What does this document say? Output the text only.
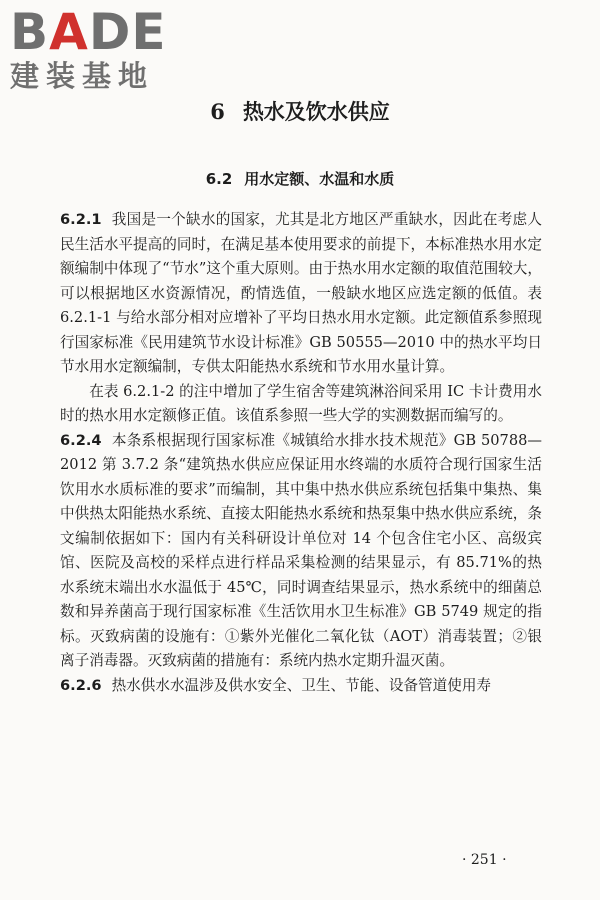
BADE
建装基地
6 热水及饮水供应
6.2 用水定额、水温和水质

6.2.1 我国是一个缺水的国家，尤其是北方地区严重缺水，因此在考虑人民生活水平提高的同时，在满足基本使用要求的前提下，本标准热水用水定额编制中体现了“节水”这个重大原则。由于热水用水定额的取值范围较大，可以根据地区水资源情况，酌情选值，一般缺水地区应选定额的低值。表 6.2.1-1 与给水部分相对应增补了平均日热水用水定额。此定额值系参照现行国家标准《民用建筑节水设计标准》GB 50555—2010 中的热水平均日节水用水定额编制，专供太阳能热水系统和节水用水量计算。

在表 6.2.1-2 的注中增加了学生宿舍等建筑淋浴间采用 IC 卡计费用水时的热水用水定额修正值。该值系参照一些大学的实测数据而编写的。

6.2.4 本条系根据现行国家标准《城镇给水排水技术规范》GB 50788—2012 第 3.7.2 条“建筑热水供应应保证用水终端的水质符合现行国家生活饮用水水质标准的要求”而编制，其中集中热水供应系统包括集中集热、集中供热太阳能热水系统、直接太阳能热水系统和热泵集中热水供应系统，条文编制依据如下：国内有关科研设计单位对 14 个包含住宅小区、高级宾馆、医院及高校的采样点进行样品采集检测的结果显示，有 85.71%的热水系统末端出水水温低于 45℃，同时调查结果显示，热水系统中的细菌总数和异养菌高于现行国家标准《生活饮用水卫生标准》GB 5749 规定的指标。灭致病菌的设施有：①紫外光催化二氧化钛（AOT）消毒装置；②银离子消毒器。灭致病菌的措施有：系统内热水定期升温灭菌。

6.2.6 热水供水水温涉及供水安全、卫生、节能、设备管道使用寿

· 251 ·
